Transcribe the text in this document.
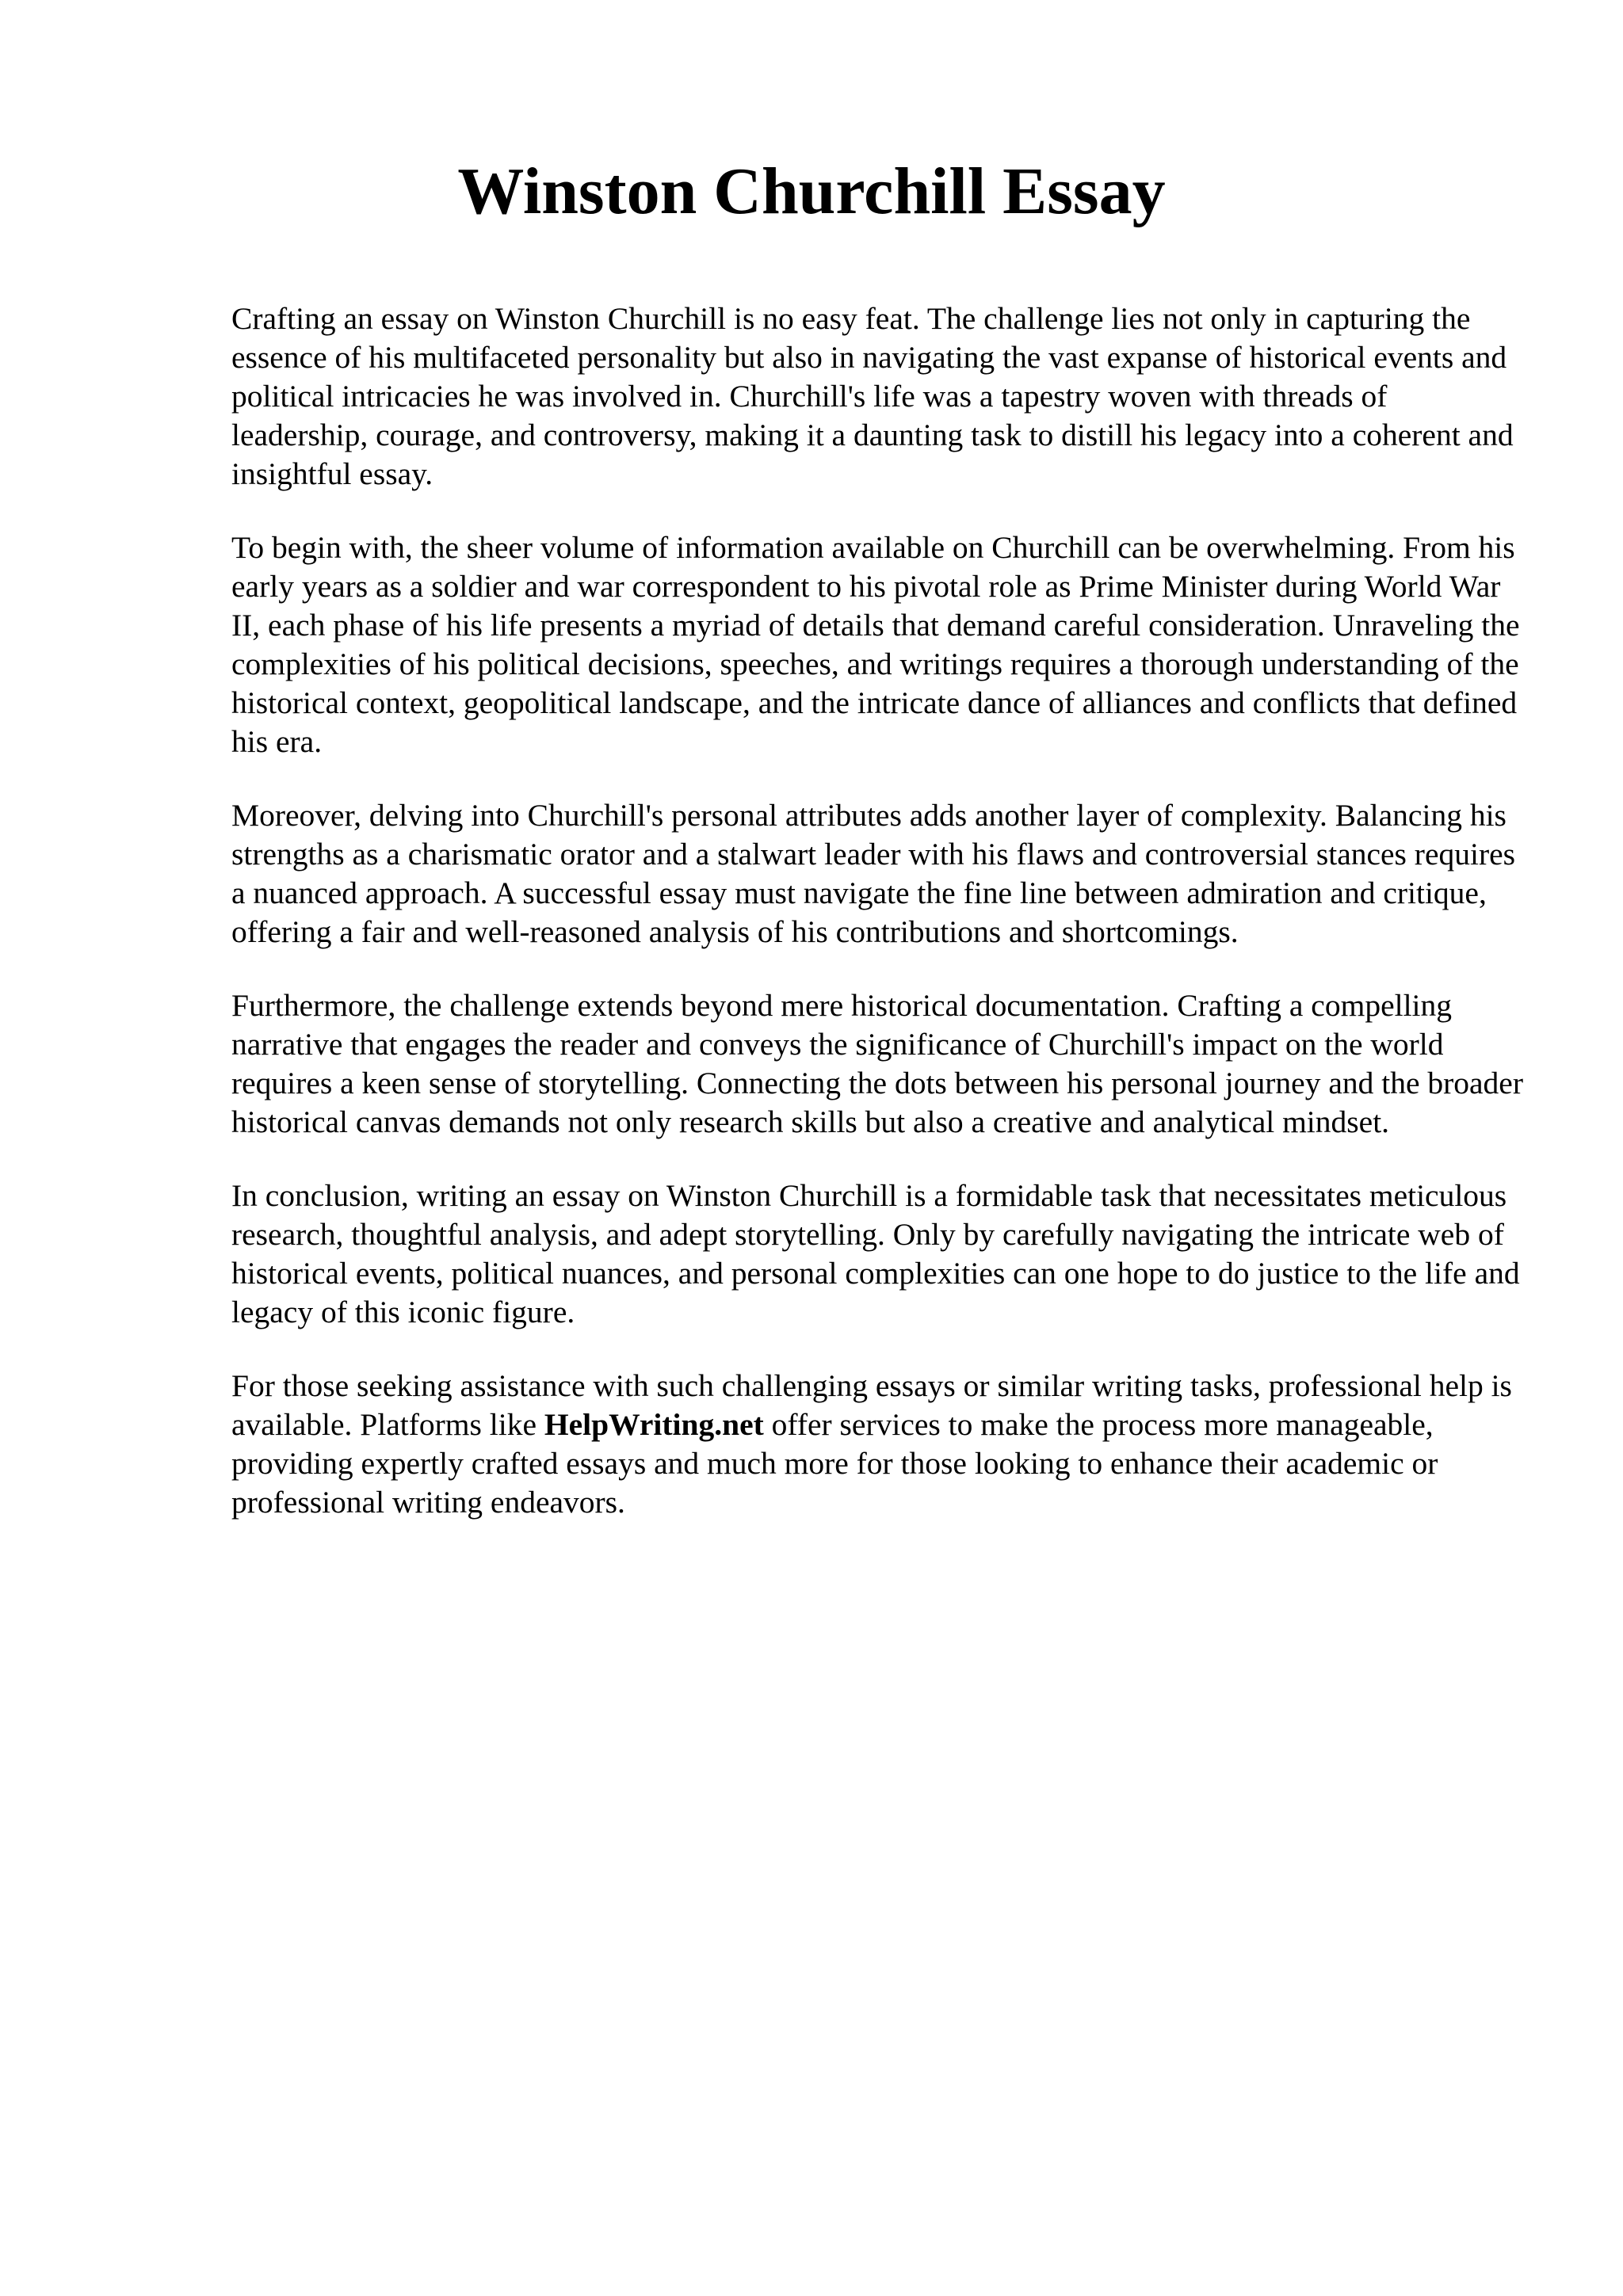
Winston Churchill Essay

Crafting an essay on Winston Churchill is no easy feat. The challenge lies not only in capturing the essence of his multifaceted personality but also in navigating the vast expanse of historical events and political intricacies he was involved in. Churchill's life was a tapestry woven with threads of leadership, courage, and controversy, making it a daunting task to distill his legacy into a coherent and insightful essay.

To begin with, the sheer volume of information available on Churchill can be overwhelming. From his early years as a soldier and war correspondent to his pivotal role as Prime Minister during World War II, each phase of his life presents a myriad of details that demand careful consideration. Unraveling the complexities of his political decisions, speeches, and writings requires a thorough understanding of the historical context, geopolitical landscape, and the intricate dance of alliances and conflicts that defined his era.

Moreover, delving into Churchill's personal attributes adds another layer of complexity. Balancing his strengths as a charismatic orator and a stalwart leader with his flaws and controversial stances requires a nuanced approach. A successful essay must navigate the fine line between admiration and critique, offering a fair and well-reasoned analysis of his contributions and shortcomings.

Furthermore, the challenge extends beyond mere historical documentation. Crafting a compelling narrative that engages the reader and conveys the significance of Churchill's impact on the world requires a keen sense of storytelling. Connecting the dots between his personal journey and the broader historical canvas demands not only research skills but also a creative and analytical mindset.

In conclusion, writing an essay on Winston Churchill is a formidable task that necessitates meticulous research, thoughtful analysis, and adept storytelling. Only by carefully navigating the intricate web of historical events, political nuances, and personal complexities can one hope to do justice to the life and legacy of this iconic figure.

For those seeking assistance with such challenging essays or similar writing tasks, professional help is available. Platforms like HelpWriting.net offer services to make the process more manageable, providing expertly crafted essays and much more for those looking to enhance their academic or professional writing endeavors.
